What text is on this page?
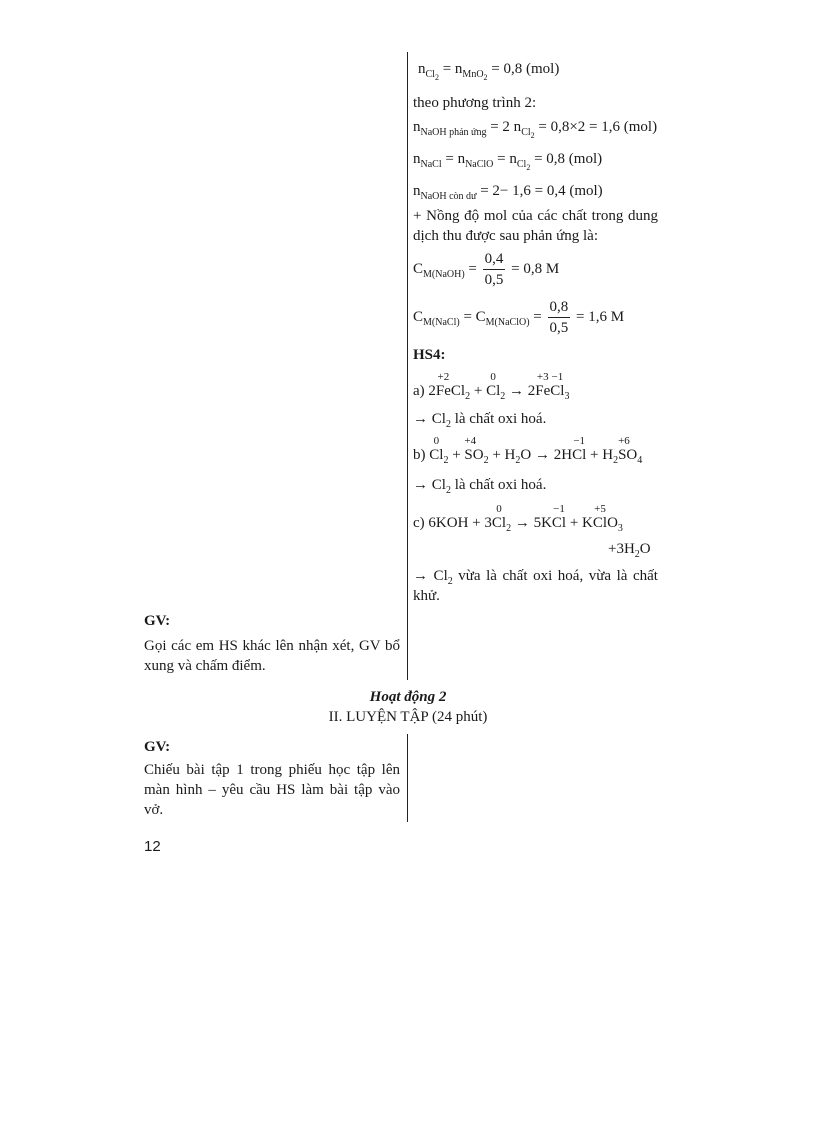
$n_{Cl_2} = n_{MnO_2} = 0,8$ (mol)
theo phương trình 2:
$n_{NaOH phản ứng} = 2$ $n_{Cl_2} = 0,8\times 2 = 1,6$ (mol)
$n_{NaCl} = n_{NaClO} = n_{Cl_2} = 0,8$ (mol)
$n_{NaOH còn dư} = 2- 1,6 = 0,4$ (mol)
+ Nồng độ mol của các chất trong dung dịch thu được sau phản ứng là:
$C_{M(NaOH)} = \frac{0,4}{0,5} = 0,8$ M
$C_{M(NaCl)} = C_{M(NaClO)} = \frac{0,8}{0,5} = 1,6$ M
HS4:
a) 2
+2
FeCl$_2$ +
0
$Cl_2 \to 2$
+3
Fe
−1
$Cl_3$
→ $Cl_2$ là chất oxi hoá.
b)
0
$Cl_2$ +
+4
$SO_2 + H_2O \to 2H$
−1
$Cl + H_2$
+6
$SO_4$
→ $Cl_2$ là chất oxi hoá.
c) 6KOH + 3
0
$Cl_2 \to 5K$
−1
Cl + K
+5
ClO$_3$
$+3H_2O$
→ $Cl_2$ vừa là chất oxi hoá, vừa là chất khử.
GV:
Gọi các em HS khác lên nhận xét, GV bổ xung và chấm điểm.
Hoạt động 2
II. LUYỆN TẬP (24 phút)
GV:
Chiếu bài tập 1 trong phiếu học tập lên màn hình – yêu cầu HS làm bài tập vào vở.
12
